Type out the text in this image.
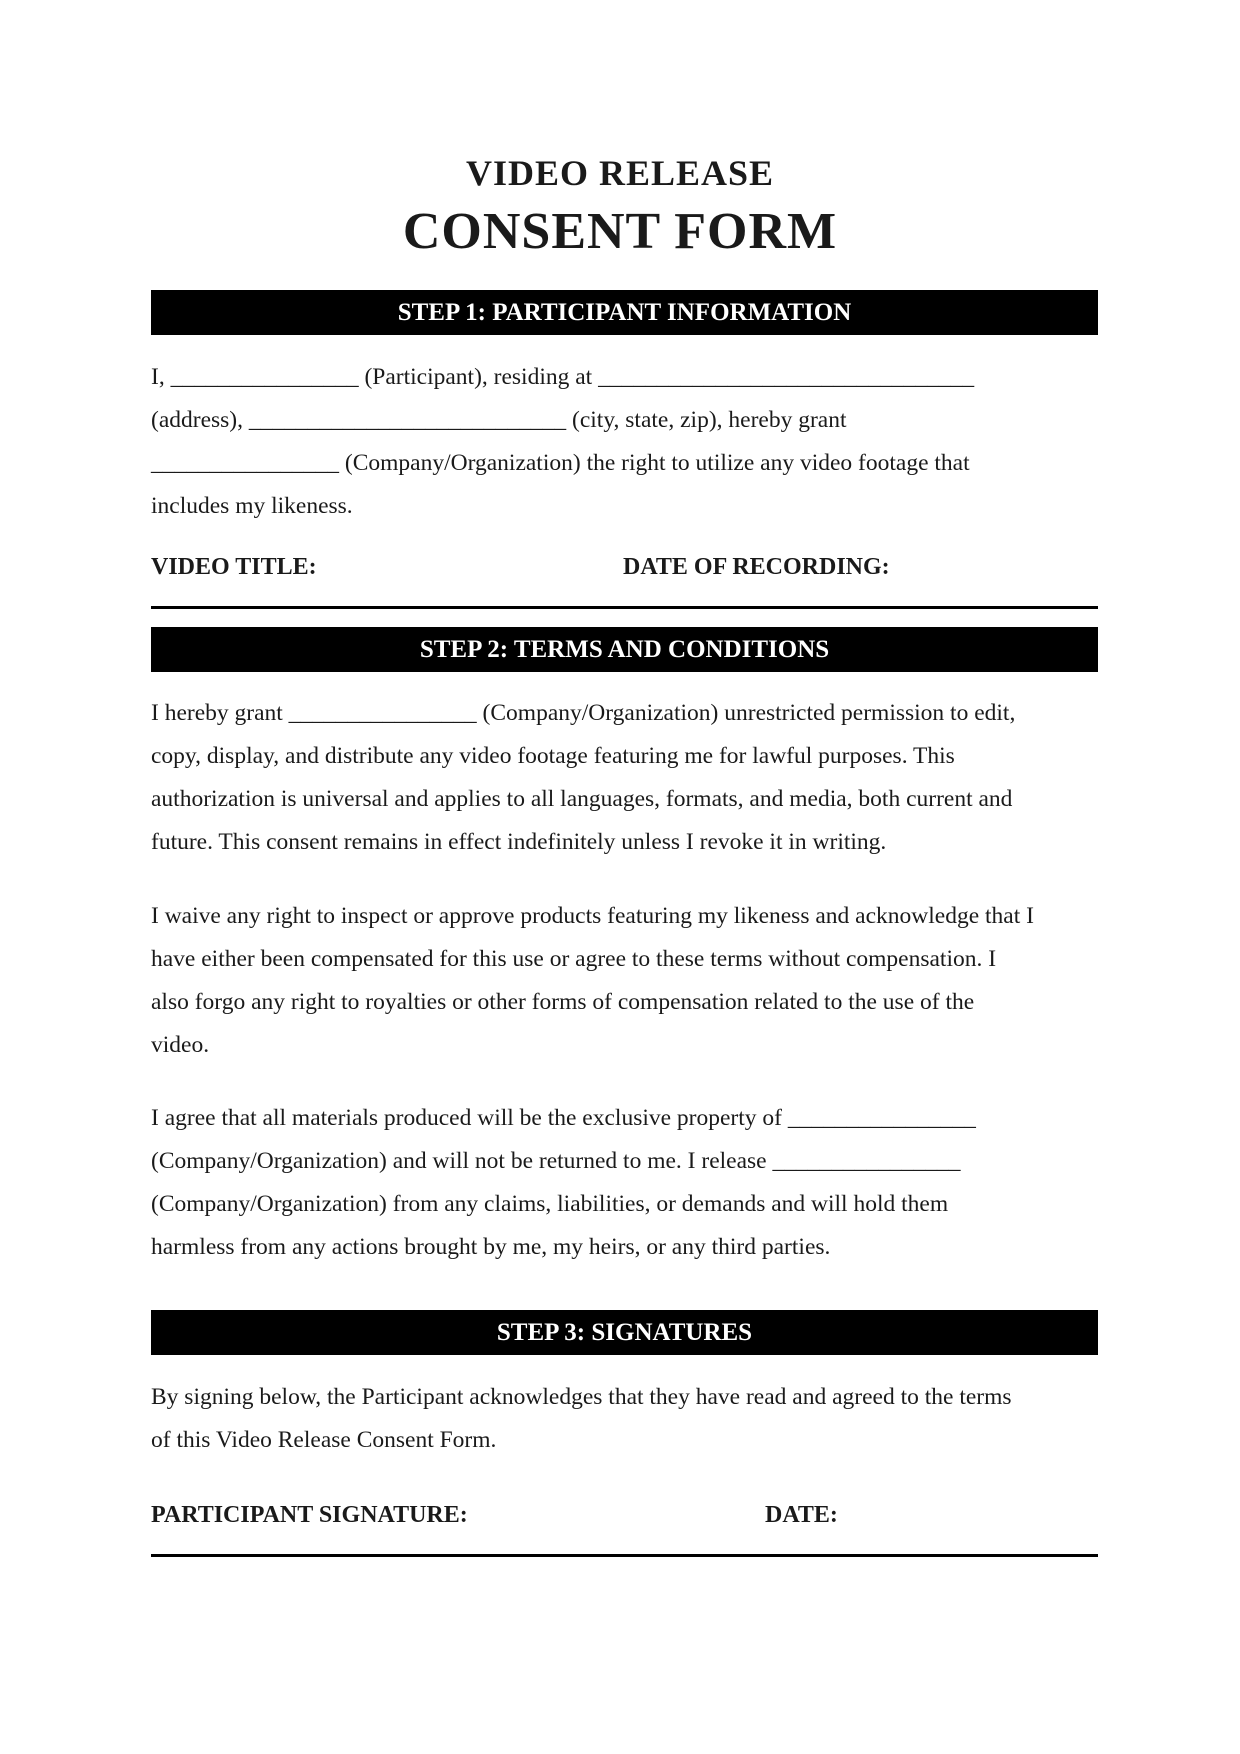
VIDEO RELEASE
CONSENT FORM
STEP 1: PARTICIPANT INFORMATION
I, ________________ (Participant), residing at ________________________________
(address), ___________________________ (city, state, zip), hereby grant
________________ (Company/Organization) the right to utilize any video footage that
includes my likeness.
VIDEO TITLE:	DATE OF RECORDING:
STEP 2: TERMS AND CONDITIONS
I hereby grant ________________ (Company/Organization) unrestricted permission to edit,
copy, display, and distribute any video footage featuring me for lawful purposes. This
authorization is universal and applies to all languages, formats, and media, both current and
future. This consent remains in effect indefinitely unless I revoke it in writing.
I waive any right to inspect or approve products featuring my likeness and acknowledge that I
have either been compensated for this use or agree to these terms without compensation. I
also forgo any right to royalties or other forms of compensation related to the use of the
video.
I agree that all materials produced will be the exclusive property of ________________
(Company/Organization) and will not be returned to me. I release ________________
(Company/Organization) from any claims, liabilities, or demands and will hold them
harmless from any actions brought by me, my heirs, or any third parties.
STEP 3: SIGNATURES
By signing below, the Participant acknowledges that they have read and agreed to the terms
of this Video Release Consent Form.
PARTICIPANT SIGNATURE:	DATE:
